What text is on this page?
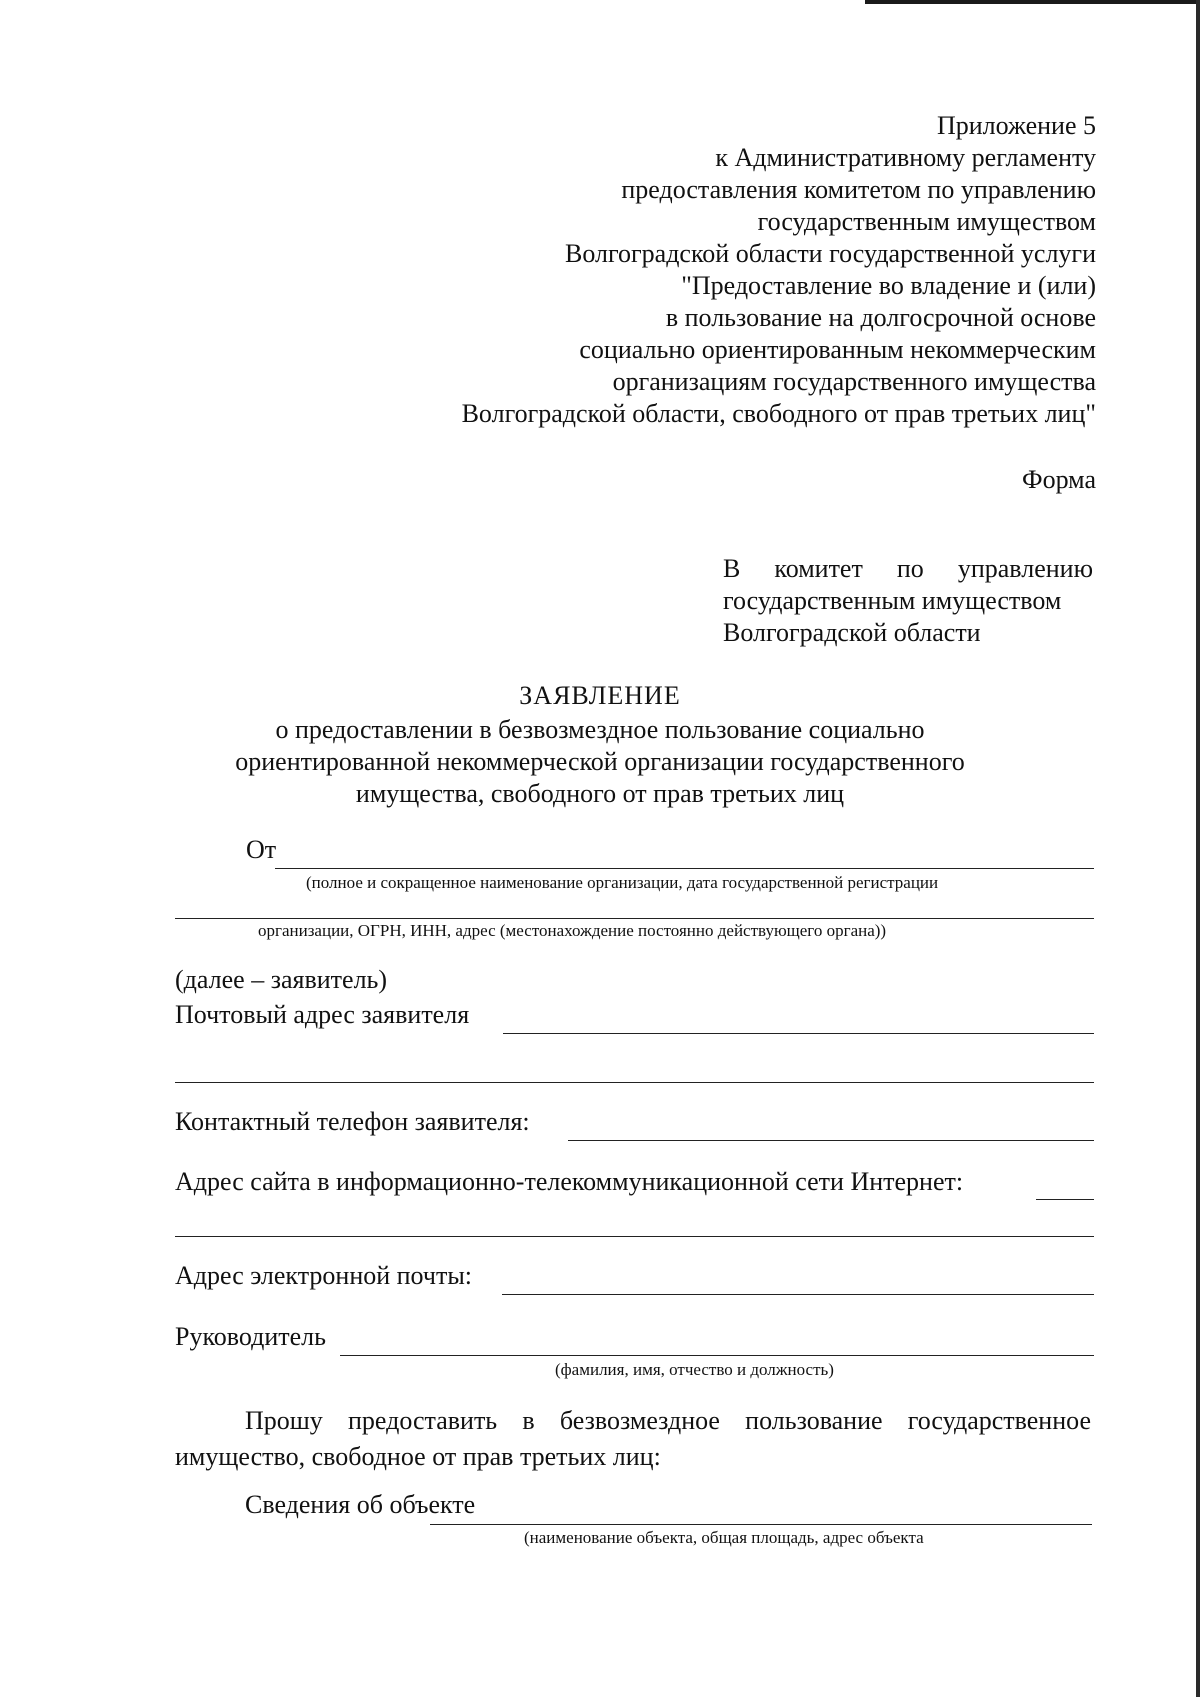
Приложение 5
к Административному регламенту
предоставления комитетом по управлению
государственным имуществом
Волгоградской области государственной услуги
"Предоставление во владение и (или)
в пользование на долгосрочной основе
социально ориентированным некоммерческим
организациям государственного имущества
Волгоградской области, свободного от прав третьих лиц"
Форма
В комитет по управлению
государственным имуществом
Волгоградской области
ЗАЯВЛЕНИЕ
о предоставлении в безвозмездное пользование социально
ориентированной некоммерческой организации государственного
имущества, свободного от прав третьих лиц
От
(полное и сокращенное наименование организации, дата государственной регистрации
организации, ОГРН, ИНН, адрес (местонахождение постоянно действующего органа))
(далее – заявитель)
Почтовый адрес заявителя
Контактный телефон заявителя:
Адрес сайта в информационно-телекоммуникационной сети Интернет:
Адрес электронной почты:
Руководитель
(фамилия, имя, отчество и должность)
Прошу предоставить в безвозмездное пользование государственное
имущество, свободное от прав третьих лиц:
Сведения об объекте
(наименование объекта, общая площадь, адрес объекта
